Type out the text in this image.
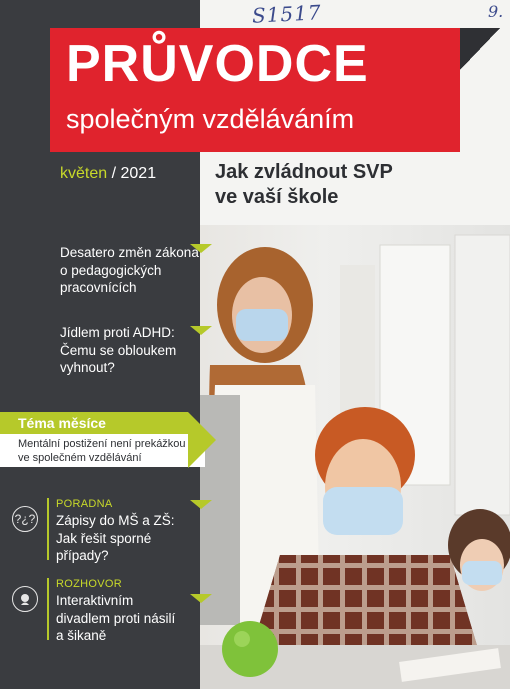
S1517	9.
PRŮVODCE
společným vzděláváním
květen / 2021	Jak zvládnout SVP
ve vaší škole
Desatero změn zákona
o pedagogických
pracovnících
Jídlem proti ADHD:
Čemu se obloukem
vyhnout?
Mentální postižení není prekážkou
ve společném vzdělávání
Téma měsíce
?¿?
PORADNA
Zápisy do MŠ a ZŠ:
Jak řešit sporné
případy?
ROZHOVOR
Interaktivním
divadlem proti násilí
a šikaně
